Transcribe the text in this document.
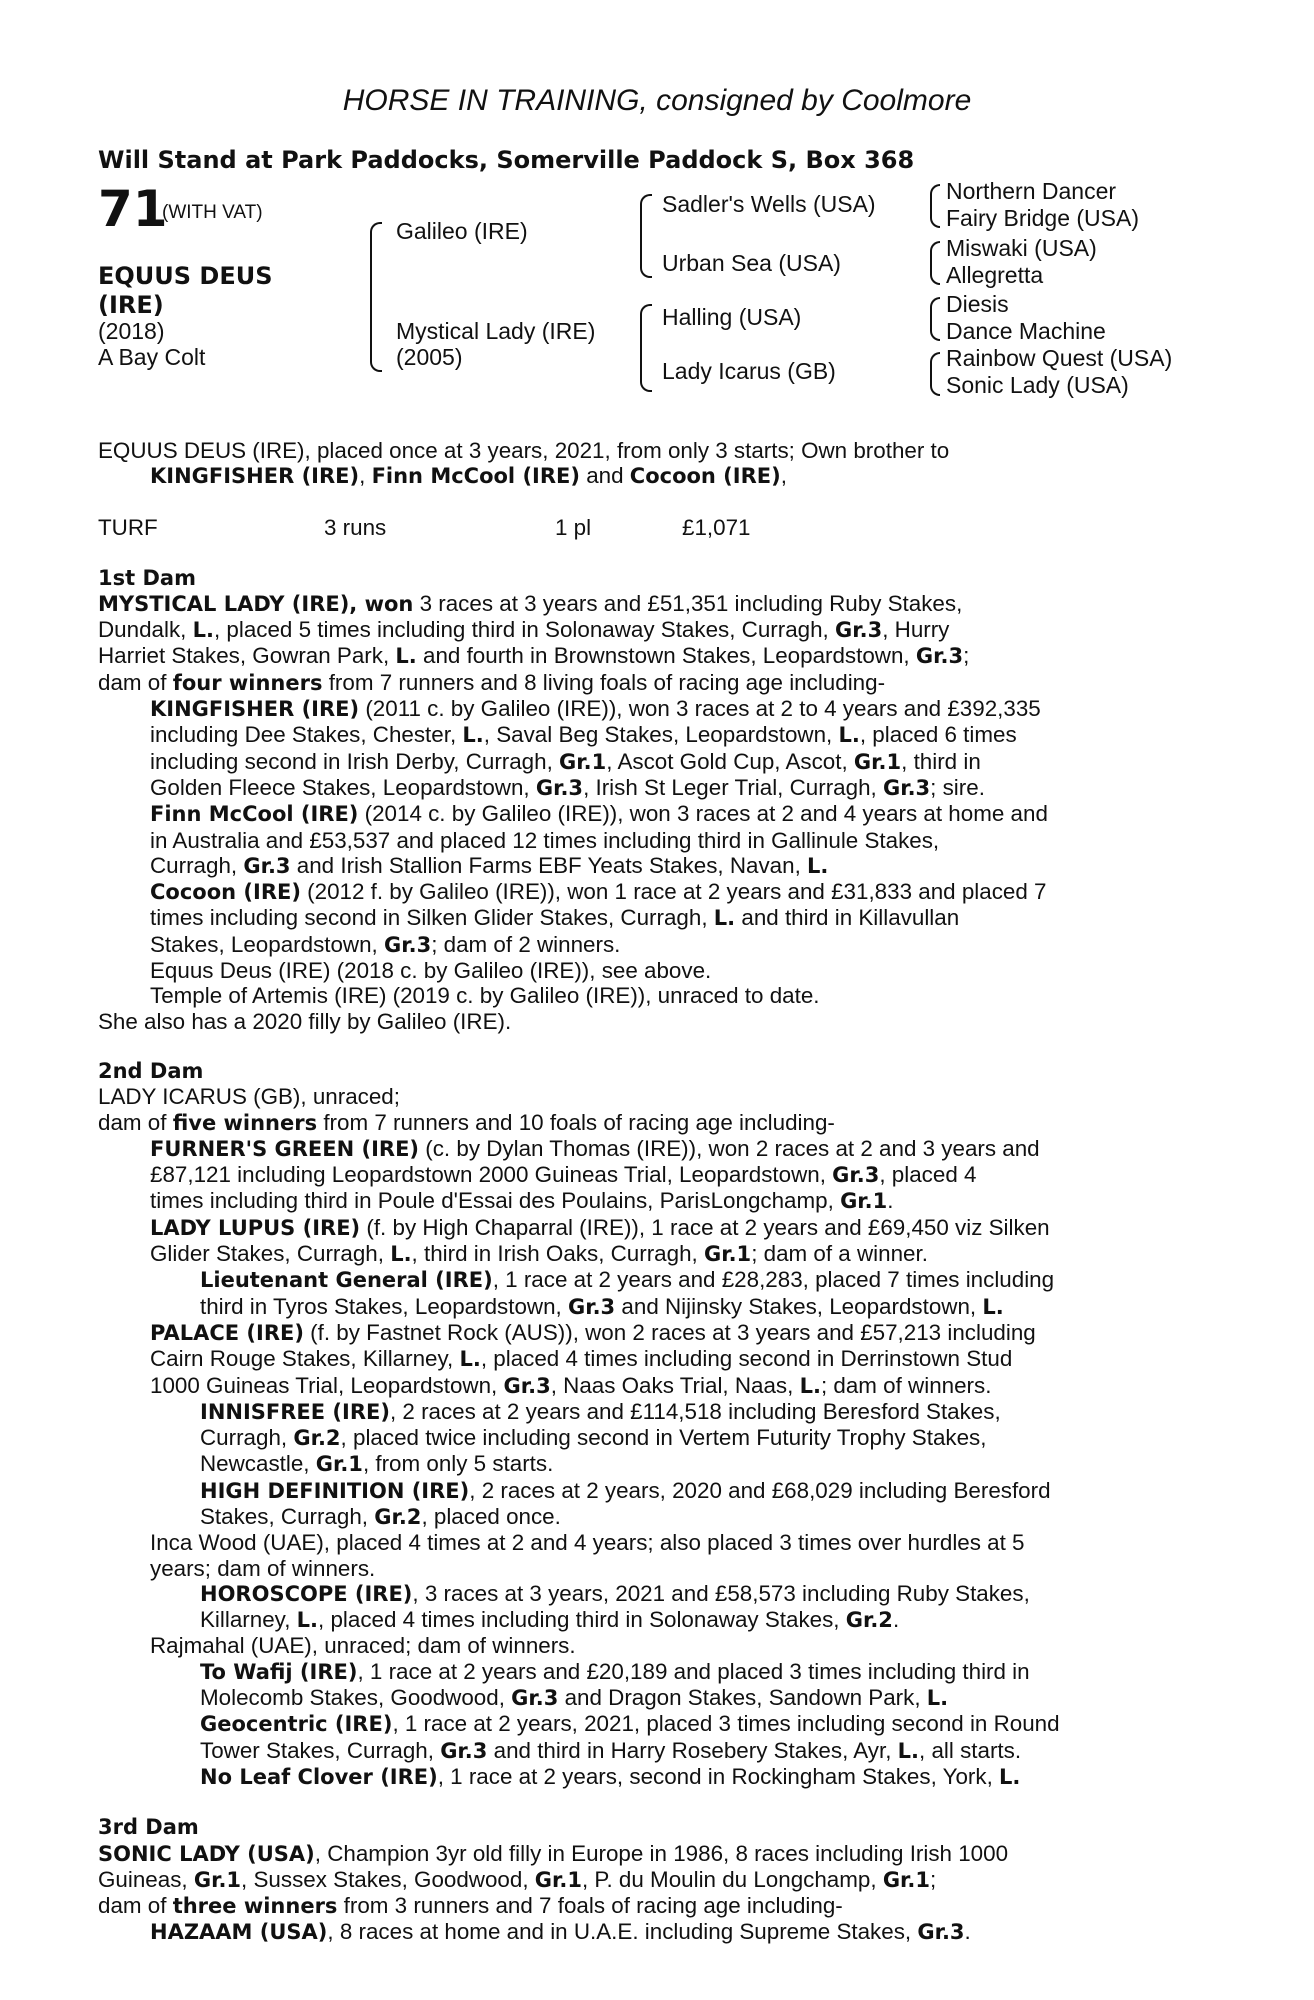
HORSE IN TRAINING, consigned by Coolmore
Will Stand at Park Paddocks, Somerville Paddock S, Box 368
71
(WITH VAT)
EQUUS DEUS
(IRE)
(2018)
A Bay Colt
Galileo (IRE)
Mystical Lady (IRE)
(2005)
Sadler's Wells (USA)
Urban Sea (USA)
Halling (USA)
Lady Icarus (GB)
Northern Dancer
Fairy Bridge (USA)
Miswaki (USA)
Allegretta
Diesis
Dance Machine
Rainbow Quest (USA)
Sonic Lady (USA)
EQUUS DEUS (IRE), placed once at 3 years, 2021, from only 3 starts; Own brother to
KINGFISHER (IRE), Finn McCool (IRE) and Cocoon (IRE),
TURF	3 runs	1 pl	£1,071
1st Dam
MYSTICAL LADY (IRE), won 3 races at 3 years and £51,351 including Ruby Stakes,
Dundalk, L., placed 5 times including third in Solonaway Stakes, Curragh, Gr.3, Hurry
Harriet Stakes, Gowran Park, L. and fourth in Brownstown Stakes, Leopardstown, Gr.3;
dam of four winners from 7 runners and 8 living foals of racing age including-
KINGFISHER (IRE) (2011 c. by Galileo (IRE)), won 3 races at 2 to 4 years and £392,335
including Dee Stakes, Chester, L., Saval Beg Stakes, Leopardstown, L., placed 6 times
including second in Irish Derby, Curragh, Gr.1, Ascot Gold Cup, Ascot, Gr.1, third in
Golden Fleece Stakes, Leopardstown, Gr.3, Irish St Leger Trial, Curragh, Gr.3; sire.
Finn McCool (IRE) (2014 c. by Galileo (IRE)), won 3 races at 2 and 4 years at home and
in Australia and £53,537 and placed 12 times including third in Gallinule Stakes,
Curragh, Gr.3 and Irish Stallion Farms EBF Yeats Stakes, Navan, L.
Cocoon (IRE) (2012 f. by Galileo (IRE)), won 1 race at 2 years and £31,833 and placed 7
times including second in Silken Glider Stakes, Curragh, L. and third in Killavullan
Stakes, Leopardstown, Gr.3; dam of 2 winners.
Equus Deus (IRE) (2018 c. by Galileo (IRE)), see above.
Temple of Artemis (IRE) (2019 c. by Galileo (IRE)), unraced to date.
She also has a 2020 filly by Galileo (IRE).
2nd Dam
LADY ICARUS (GB), unraced;
dam of five winners from 7 runners and 10 foals of racing age including-
FURNER'S GREEN (IRE) (c. by Dylan Thomas (IRE)), won 2 races at 2 and 3 years and
£87,121 including Leopardstown 2000 Guineas Trial, Leopardstown, Gr.3, placed 4
times including third in Poule d'Essai des Poulains, ParisLongchamp, Gr.1.
LADY LUPUS (IRE) (f. by High Chaparral (IRE)), 1 race at 2 years and £69,450 viz Silken
Glider Stakes, Curragh, L., third in Irish Oaks, Curragh, Gr.1; dam of a winner.
Lieutenant General (IRE), 1 race at 2 years and £28,283, placed 7 times including
third in Tyros Stakes, Leopardstown, Gr.3 and Nijinsky Stakes, Leopardstown, L.
PALACE (IRE) (f. by Fastnet Rock (AUS)), won 2 races at 3 years and £57,213 including
Cairn Rouge Stakes, Killarney, L., placed 4 times including second in Derrinstown Stud
1000 Guineas Trial, Leopardstown, Gr.3, Naas Oaks Trial, Naas, L.; dam of winners.
INNISFREE (IRE), 2 races at 2 years and £114,518 including Beresford Stakes,
Curragh, Gr.2, placed twice including second in Vertem Futurity Trophy Stakes,
Newcastle, Gr.1, from only 5 starts.
HIGH DEFINITION (IRE), 2 races at 2 years, 2020 and £68,029 including Beresford
Stakes, Curragh, Gr.2, placed once.
Inca Wood (UAE), placed 4 times at 2 and 4 years; also placed 3 times over hurdles at 5
years; dam of winners.
HOROSCOPE (IRE), 3 races at 3 years, 2021 and £58,573 including Ruby Stakes,
Killarney, L., placed 4 times including third in Solonaway Stakes, Gr.2.
Rajmahal (UAE), unraced; dam of winners.
To Wafij (IRE), 1 race at 2 years and £20,189 and placed 3 times including third in
Molecomb Stakes, Goodwood, Gr.3 and Dragon Stakes, Sandown Park, L.
Geocentric (IRE), 1 race at 2 years, 2021, placed 3 times including second in Round
Tower Stakes, Curragh, Gr.3 and third in Harry Rosebery Stakes, Ayr, L., all starts.
No Leaf Clover (IRE), 1 race at 2 years, second in Rockingham Stakes, York, L.
3rd Dam
SONIC LADY (USA), Champion 3yr old filly in Europe in 1986, 8 races including Irish 1000
Guineas, Gr.1, Sussex Stakes, Goodwood, Gr.1, P. du Moulin du Longchamp, Gr.1;
dam of three winners from 3 runners and 7 foals of racing age including-
HAZAAM (USA), 8 races at home and in U.A.E. including Supreme Stakes, Gr.3.
